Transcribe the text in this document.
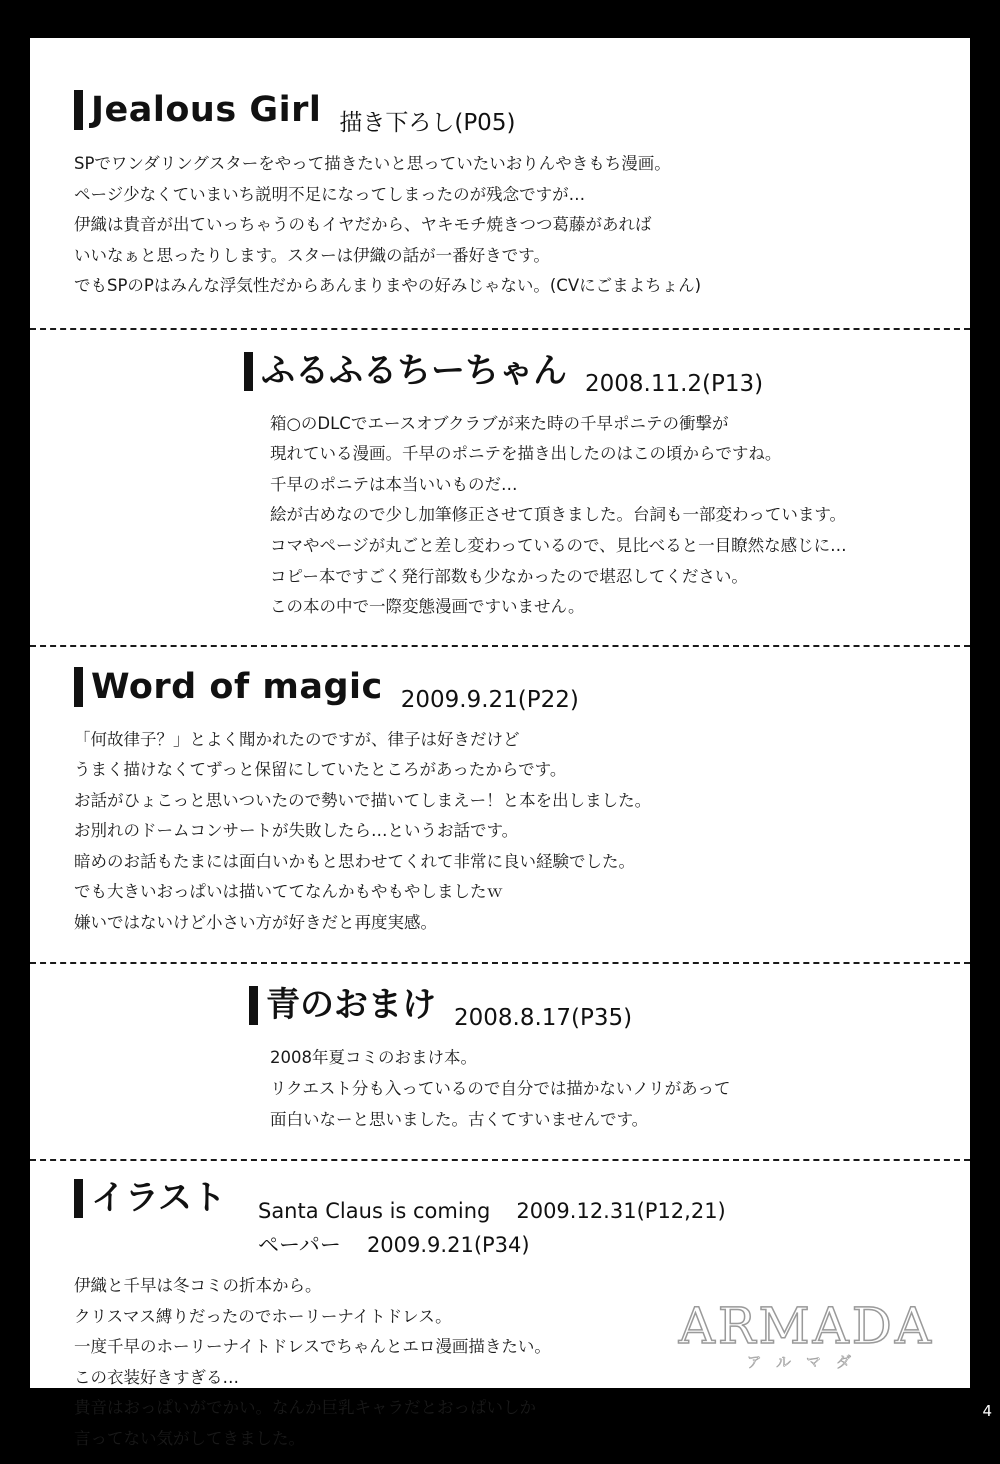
Jealous Girl 描き下ろし(P05)
SPでワンダリングスターをやって描きたいと思っていたいおりんやきもち漫画。
ページ少なくていまいち説明不足になってしまったのが残念ですが…
伊織は貴音が出ていっちゃうのもイヤだから、ヤキモチ焼きつつ葛藤があれば
いいなぁと思ったりします。スターは伊織の話が一番好きです。
でもSPのPはみんな浮気性だからあんまりまやの好みじゃない。(CVにごまよちょん)
ふるふるちーちゃん 2008.11.2(P13)
箱○のDLCでエースオブクラブが来た時の千早ポニテの衝撃が
現れている漫画。千早のポニテを描き出したのはこの頃からですね。
千早のポニテは本当いいものだ…
絵が古めなので少し加筆修正させて頂きました。台詞も一部変わっています。
コマやページが丸ごと差し変わっているので、見比べると一目瞭然な感じに…
コピー本ですごく発行部数も少なかったので堪忍してください。
この本の中で一際変態漫画ですいません。
Word of magic 2009.9.21(P22)
「何故律子？」とよく聞かれたのですが、律子は好きだけど
うまく描けなくてずっと保留にしていたところがあったからです。
お話がひょこっと思いついたので勢いで描いてしまえー！と本を出しました。
お別れのドームコンサートが失敗したら…というお話です。
暗めのお話もたまには面白いかもと思わせてくれて非常に良い経験でした。
でも大きいおっぱいは描いててなんかもやもやしましたｗ
嫌いではないけど小さい方が好きだと再度実感。
青のおまけ 2008.8.17(P35)
2008年夏コミのおまけ本。
リクエスト分も入っているので自分では描かないノリがあって
面白いなーと思いました。古くてすいませんです。
イラスト Santa Claus is coming 2009.12.31(P12,21)
ペーパー 2009.9.21(P34)
伊織と千早は冬コミの折本から。
クリスマス縛りだったのでホーリーナイトドレス。
一度千早のホーリーナイトドレスでちゃんとエロ漫画描きたい。
この衣装好きすぎる…
貴音はおっぱいがでかい。なんか巨乳キャラだとおっぱいしか
言ってない気がしてきました。
ARMADA
アルマダ
4
